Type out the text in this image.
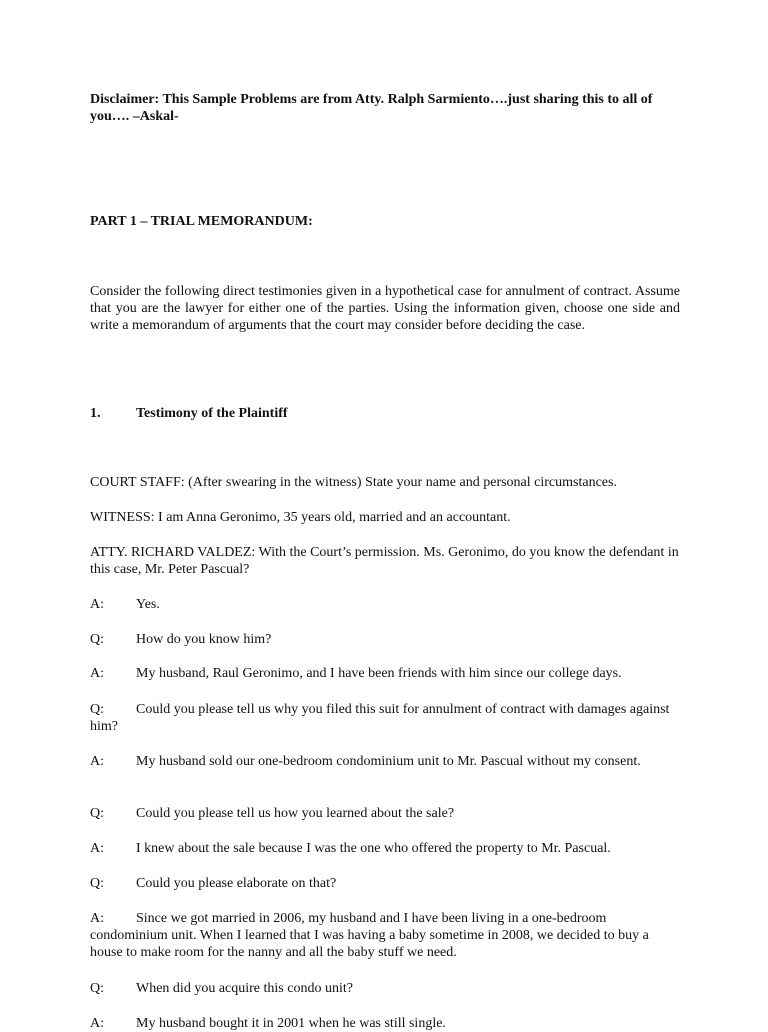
Disclaimer: This Sample Problems are from Atty. Ralph Sarmiento….just sharing this to all of you…. –Askal-

PART 1 – TRIAL MEMORANDUM:

Consider the following direct testimonies given in a hypothetical case for annulment of contract. Assume that you are the lawyer for either one of the parties. Using the information given, choose one side and write a memorandum of arguments that the court may consider before deciding the case.

1.	Testimony of the Plaintiff

COURT STAFF: (After swearing in the witness) State your name and personal circumstances.

WITNESS: I am Anna Geronimo, 35 years old, married and an accountant.

ATTY. RICHARD VALDEZ: With the Court’s permission. Ms. Geronimo, do you know the defendant in this case, Mr. Peter Pascual?

A: Yes.

Q: How do you know him?

A: My husband, Raul Geronimo, and I have been friends with him since our college days.

Q: Could you please tell us why you filed this suit for annulment of contract with damages against him?

A: My husband sold our one-bedroom condominium unit to Mr. Pascual without my consent.

Q: Could you please tell us how you learned about the sale?

A: I knew about the sale because I was the one who offered the property to Mr. Pascual.

Q: Could you please elaborate on that?

A: Since we got married in 2006, my husband and I have been living in a one-bedroom condominium unit. When I learned that I was having a baby sometime in 2008, we decided to buy a house to make room for the nanny and all the baby stuff we need.

Q: When did you acquire this condo unit?

A: My husband bought it in 2001 when he was still single.
